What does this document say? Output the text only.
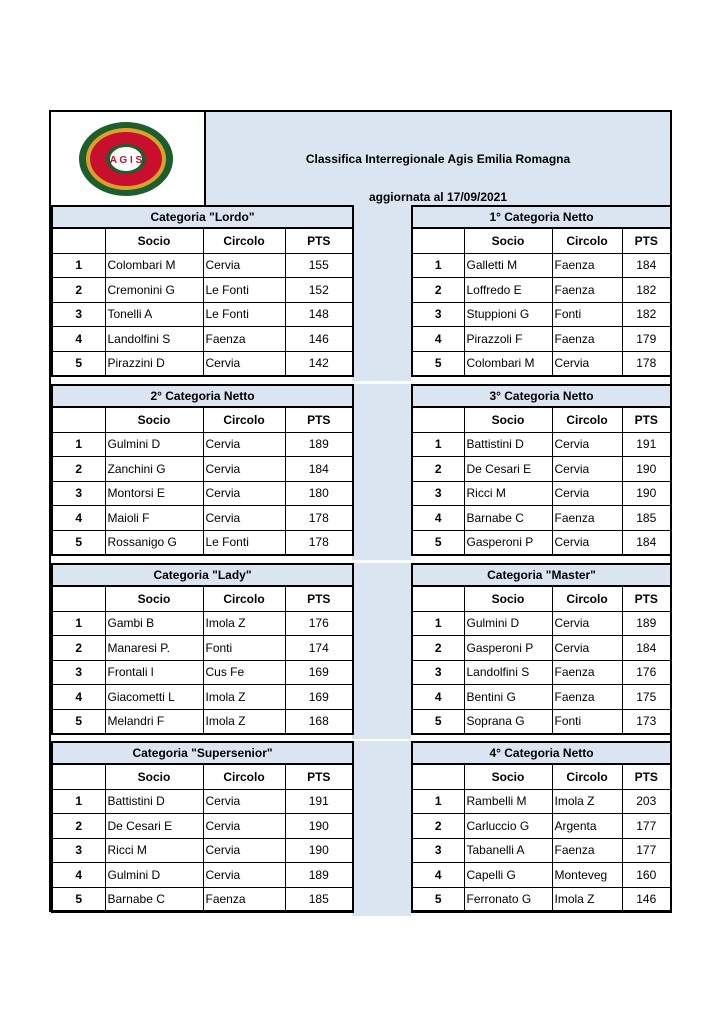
A G I S	Classifica Interregionale Agis Emilia Romagna
aggiornata al 17/09/2021
Categoria "Lordo"			
	Socio	Circolo	PTS
1	Colombari M	Cervia	155
2	Cremonini G	Le Fonti	152
3	Tonelli A	Le Fonti	148
4	Landolfini S	Faenza	146
5	Pirazzini D	Cervia	142
1° Categoria Netto			
	Socio	Circolo	PTS
1	Galletti M	Faenza	184
2	Loffredo E	Faenza	182
3	Stuppioni G	Fonti	182
4	Pirazzoli F	Faenza	179
5	Colombari M	Cervia	178
2° Categoria Netto			
	Socio	Circolo	PTS
1	Gulmini D	Cervia	189
2	Zanchini G	Cervia	184
3	Montorsi E	Cervia	180
4	Maioli F	Cervia	178
5	Rossanigo G	Le Fonti	178
3° Categoria Netto			
	Socio	Circolo	PTS
1	Battistini D	Cervia	191
2	De Cesari E	Cervia	190
3	Ricci M	Cervia	190
4	Barnabe C	Faenza	185
5	Gasperoni P	Cervia	184
Categoria "Lady"			
	Socio	Circolo	PTS
1	Gambi B	Imola Z	176
2	Manaresi P.	Fonti	174
3	Frontali l	Cus Fe	169
4	Giacometti L	Imola Z	169
5	Melandri F	Imola Z	168
Categoria "Master"			
	Socio	Circolo	PTS
1	Gulmini D	Cervia	189
2	Gasperoni P	Cervia	184
3	Landolfini S	Faenza	176
4	Bentini G	Faenza	175
5	Soprana G	Fonti	173
Categoria "Supersenior"			
	Socio	Circolo	PTS
1	Battistini D	Cervia	191
2	De Cesari E	Cervia	190
3	Ricci M	Cervia	190
4	Gulmini D	Cervia	189
5	Barnabe C	Faenza	185
4° Categoria Netto			
	Socio	Circolo	PTS
1	Rambelli M	Imola Z	203
2	Carluccio G	Argenta	177
3	Tabanelli A	Faenza	177
4	Capelli G	Monteveg	160
5	Ferronato G	Imola Z	146
